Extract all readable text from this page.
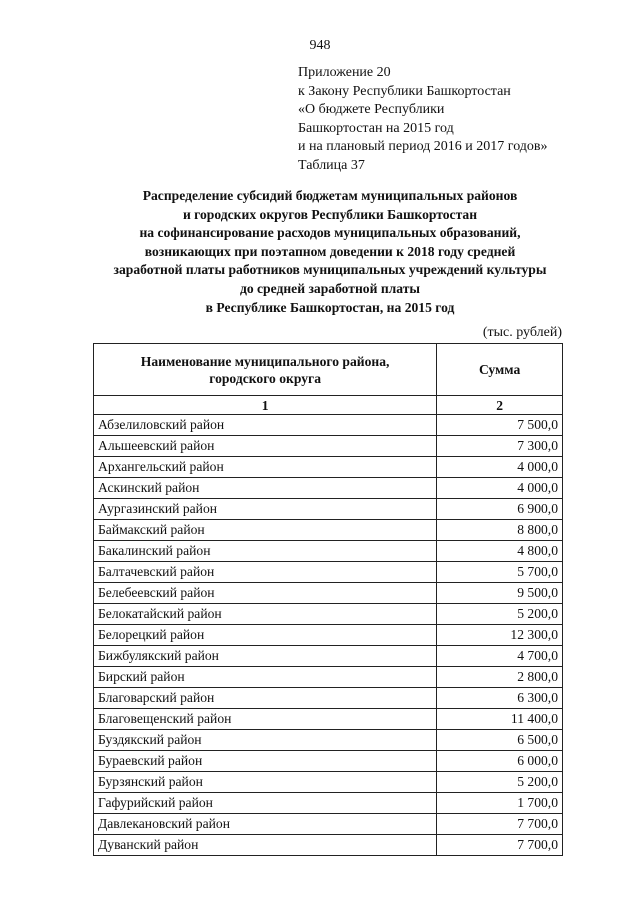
948
Приложение 20
к Закону Республики Башкортостан
«О бюджете Республики
Башкортостан на 2015 год
и на плановый период 2016 и 2017 годов»
Таблица 37
Распределение субсидий бюджетам муниципальных районов
и городских округов Республики Башкортостан
на софинансирование расходов муниципальных образований,
возникающих при поэтапном доведении к 2018 году средней
заработной платы работников муниципальных учреждений культуры
до средней заработной платы
в Республике Башкортостан, на 2015 год
(тыс. рублей)
Наименование муниципального района,
городского округа	Сумма
1	2
Абзелиловский район	7 500,0
Альшеевский район	7 300,0
Архангельский район	4 000,0
Аскинский район	4 000,0
Аургазинский район	6 900,0
Баймакский район	8 800,0
Бакалинский район	4 800,0
Балтачевский район	5 700,0
Белебеевский район	9 500,0
Белокатайский район	5 200,0
Белорецкий район	12 300,0
Бижбулякский район	4 700,0
Бирский район	2 800,0
Благоварский район	6 300,0
Благовещенский район	11 400,0
Буздякский район	6 500,0
Бураевский район	6 000,0
Бурзянский район	5 200,0
Гафурийский район	1 700,0
Давлекановский район	7 700,0
Дуванский район	7 700,0
